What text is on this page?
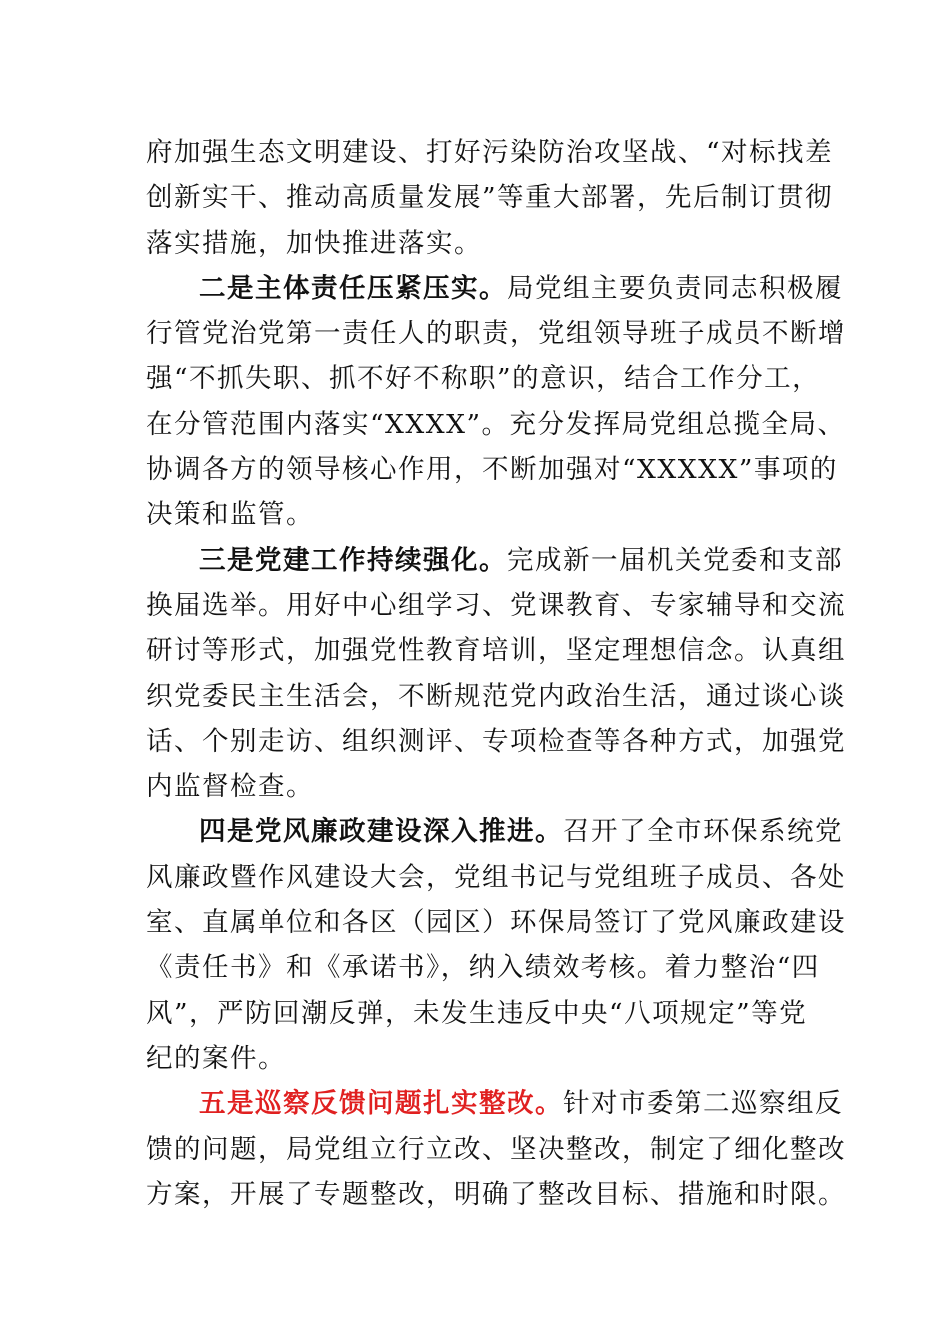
府加强生态文明建设、打好污染防治攻坚战、“对标找差
创新实干、推动高质量发展”等重大部署，先后制订贯彻
落实措施，加快推进落实。
二是主体责任压紧压实。局党组主要负责同志积极履
行管党治党第一责任人的职责，党组领导班子成员不断增
强“不抓失职、抓不好不称职”的意识，结合工作分工，
在分管范围内落实“XXXX”。充分发挥局党组总揽全局、
协调各方的领导核心作用，不断加强对“XXXXX”事项的
决策和监管。
三是党建工作持续强化。完成新一届机关党委和支部
换届选举。用好中心组学习、党课教育、专家辅导和交流
研讨等形式，加强党性教育培训，坚定理想信念。认真组
织党委民主生活会，不断规范党内政治生活，通过谈心谈
话、个别走访、组织测评、专项检查等各种方式，加强党
内监督检查。
四是党风廉政建设深入推进。召开了全市环保系统党
风廉政暨作风建设大会，党组书记与党组班子成员、各处
室、直属单位和各区（园区）环保局签订了党风廉政建设
《责任书》和《承诺书》，纳入绩效考核。着力整治“四
风”，严防回潮反弹，未发生违反中央“八项规定”等党
纪的案件。
五是巡察反馈问题扎实整改。针对市委第二巡察组反
馈的问题，局党组立行立改、坚决整改，制定了细化整改
方案，开展了专题整改，明确了整改目标、措施和时限。
